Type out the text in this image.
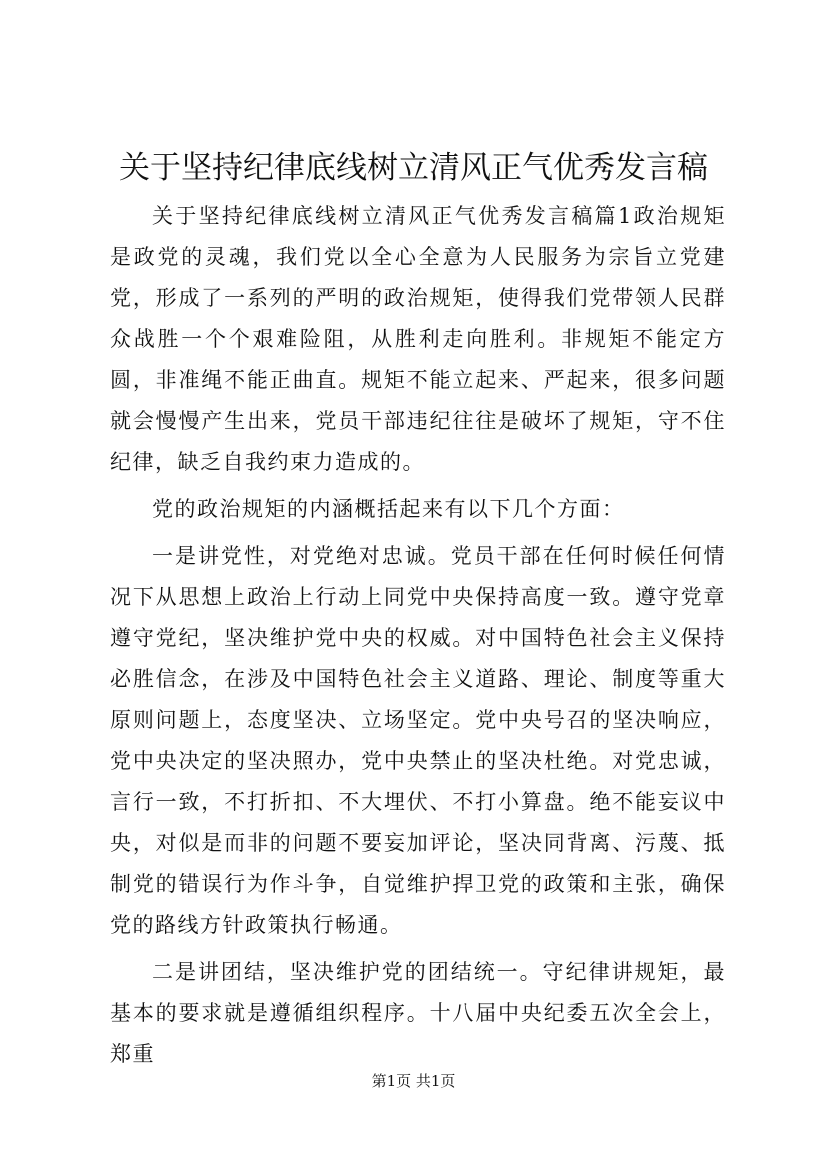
关于坚持纪律底线树立清风正气优秀发言稿

关于坚持纪律底线树立清风正气优秀发言稿篇1政治规矩是政党的灵魂，我们党以全心全意为人民服务为宗旨立党建党，形成了一系列的严明的政治规矩，使得我们党带领人民群众战胜一个个艰难险阻，从胜利走向胜利。非规矩不能定方圆，非准绳不能正曲直。规矩不能立起来、严起来，很多问题就会慢慢产生出来，党员干部违纪往往是破坏了规矩，守不住纪律，缺乏自我约束力造成的。

党的政治规矩的内涵概括起来有以下几个方面：

一是讲党性，对党绝对忠诚。党员干部在任何时候任何情况下从思想上政治上行动上同党中央保持高度一致。遵守党章遵守党纪，坚决维护党中央的权威。对中国特色社会主义保持必胜信念，在涉及中国特色社会主义道路、理论、制度等重大原则问题上，态度坚决、立场坚定。党中央号召的坚决响应，党中央决定的坚决照办，党中央禁止的坚决杜绝。对党忠诚，言行一致，不打折扣、不大埋伏、不打小算盘。绝不能妄议中央，对似是而非的问题不要妄加评论，坚决同背离、污蔑、抵制党的错误行为作斗争，自觉维护捍卫党的政策和主张，确保党的路线方针政策执行畅通。

二是讲团结，坚决维护党的团结统一。守纪律讲规矩，最基本的要求就是遵循组织程序。十八届中央纪委五次全会上，郑重

第1页 共1页
